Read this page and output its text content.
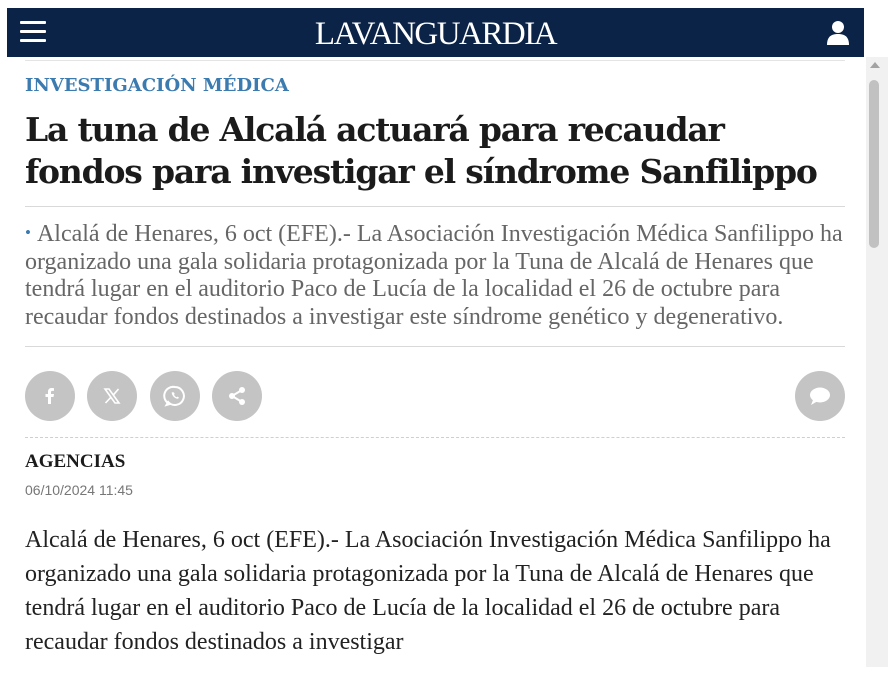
LAVANGUARDIA
INVESTIGACIÓN MÉDICA
La tuna de Alcalá actuará para recaudar fondos para investigar el síndrome Sanfilippo
• Alcalá de Henares, 6 oct (EFE).- La Asociación Investigación Médica Sanfilippo ha organizado una gala solidaria protagonizada por la Tuna de Alcalá de Henares que tendrá lugar en el auditorio Paco de Lucía de la localidad el 26 de octubre para recaudar fondos destinados a investigar este síndrome genético y degenerativo.
AGENCIAS
06/10/2024 11:45

Alcalá de Henares, 6 oct (EFE).- La Asociación Investigación Médica Sanfilippo ha organizado una gala solidaria protagonizada por la Tuna de Alcalá de Henares que tendrá lugar en el auditorio Paco de Lucía de la localidad el 26 de octubre para recaudar fondos destinados a investigar
